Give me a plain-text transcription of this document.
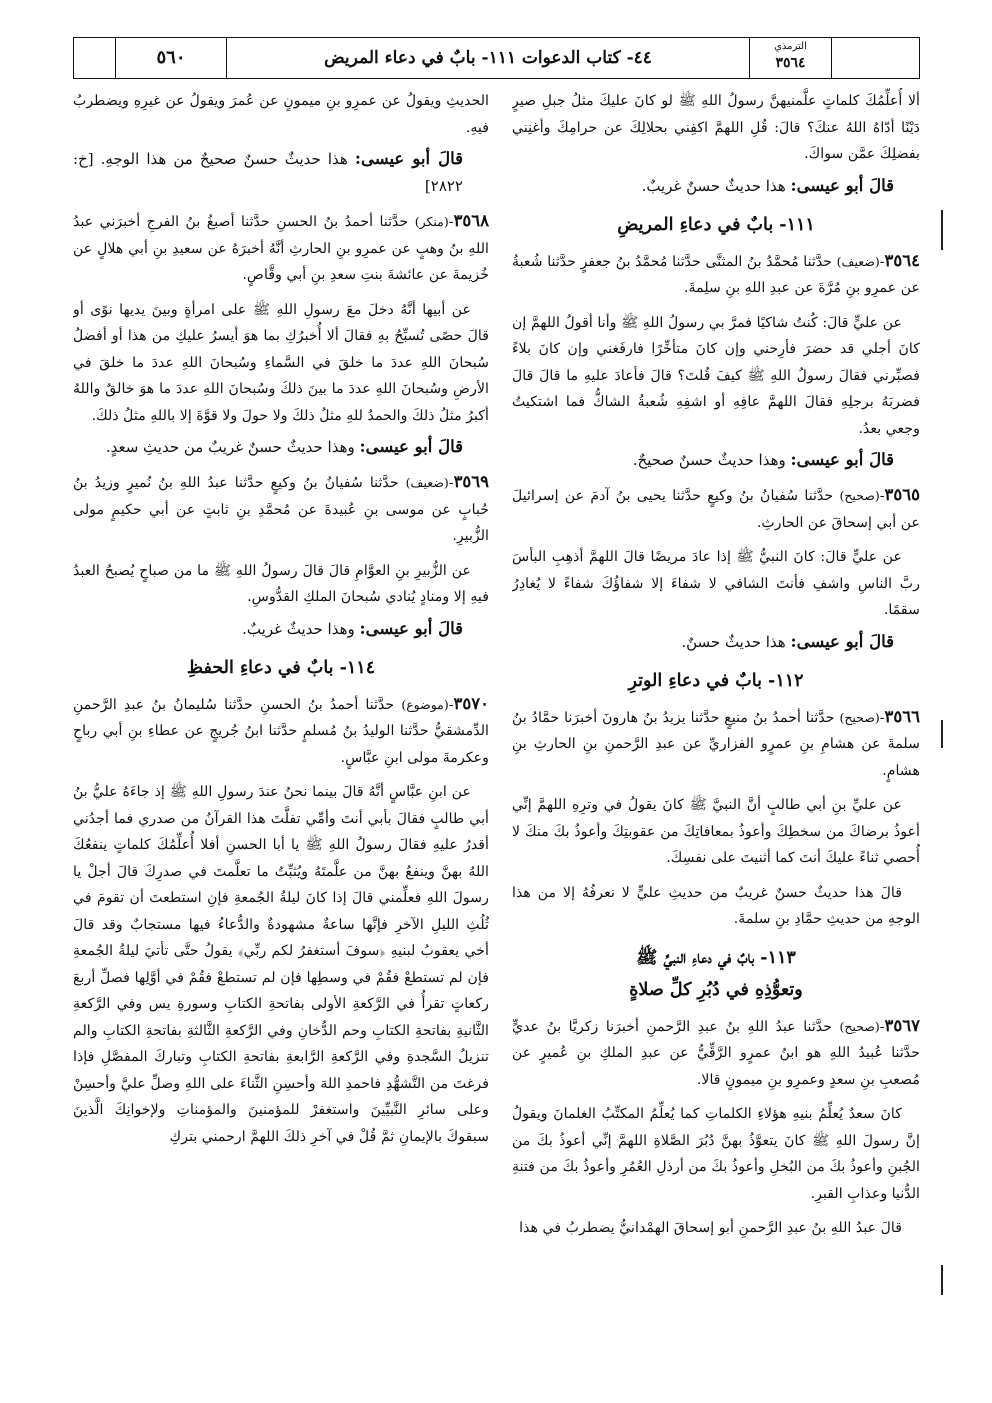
الترمذي
٣٥٦٤
٤٤- كتاب الدعوات ١١١- بابٌ في دعاء المريض
٥٦٠

ألا أُعلِّمُكَ كلماتٍ علَّمنيهنَّ رسولُ اللهِ ﷺ لو كانَ عليكَ مثلُ جبلِ صيرٍ دَيْنًا أدّاهُ اللهُ عنكَ؟ قالَ: قُلِ اللهمَّ اكفِني بحلالِكَ عن حرامِكَ وأغنِني بفضلِكَ عمَّن سواكَ.

قالَ أبو عيسى: هذا حديثٌ حسنٌ غريبٌ.

١١١- بابٌ في دعاءِ المريضِ

٣٥٦٤-(ضعيف) حدَّثنا مُحمَّدُ بنُ المثنَّى حدَّثنا مُحمَّدُ بنُ جعفرٍ حدَّثنا شُعبةُ عن عمرِو بنِ مُرَّةَ عن عبدِ اللهِ بنِ سلِمةَ.

عن عليٍّ قالَ: كُنتُ شاكيًا فمرَّ بي رسولُ اللهِ ﷺ وأنا أقولُ اللهمَّ إن كانَ أجلي قد حضرَ فأرِحني وإن كانَ متأخِّرًا فارفَغني وإن كانَ بلاءً فصبِّرني فقالَ رسولُ اللهِ ﷺ كيفَ قُلتَ؟ قالَ فأعادَ عليهِ ما قالَ قالَ فضربَهُ برجلِهِ فقالَ اللهمَّ عافِهِ أو اشفِهِ شُعبةُ الشاكُّ فما اشتكيتُ وجعي بعدُ.

قالَ أبو عيسى: وهذا حديثٌ حسنٌ صحيحٌ.

٣٥٦٥-(صحيح) حدَّثنا سُفيانُ بنُ وكيعٍ حدَّثنا يحيى بنُ آدمَ عن إسرائيلَ عن أبي إسحاقَ عن الحارثِ.

عن عليٍّ قالَ: كانَ النبيُّ ﷺ إذا عادَ مريضًا قالَ اللهمَّ أذهِبِ البأسَ ربَّ الناسِ واشفِ فأنتَ الشافي لا شفاءَ إلا شفاؤُكَ شفاءً لا يُغادِرُ سقمًا.

قالَ أبو عيسى: هذا حديثٌ حسنٌ.

١١٢- بابٌ في دعاءِ الوترِ

٣٥٦٦-(صحيح) حدَّثنا أحمدُ بنُ منيعٍ حدَّثنا يزيدُ بنُ هارونَ أخبرَنا حمَّادُ بنُ سلمةَ عن هشامِ بنِ عمرٍو الفزاريِّ عن عبدِ الرَّحمنِ بنِ الحارثِ بنِ هشامٍ.

عن عليِّ بنِ أبي طالبٍ أنَّ النبيَّ ﷺ كانَ يقولُ في وترِهِ اللهمَّ إنِّي أعوذُ برضاكَ من سخطِكَ وأعوذُ بمعافاتِكَ من عقوبتِكَ وأعوذُ بكَ منكَ لا أُحصي ثناءً عليكَ أنتَ كما أثنيتَ على نفسِكَ.

قالَ هذا حديثٌ حسنٌ غريبٌ من حديثِ عليٍّ لا نعرفُهُ إلا من هذا الوجهِ من حديثِ حمَّادِ بنِ سلمةَ.

١١٣- بابٌ في دعاءِ النبيِّ ﷺ
وتعوُّذِهِ في دُبُرِ كلِّ صلاةٍ

٣٥٦٧-(صحيح) حدَّثنا عبدُ اللهِ بنُ عبدِ الرَّحمنِ أخبرَنا زكريَّا بنُ عديٍّ حدَّثنا عُبيدُ اللهِ هو ابنُ عمرٍو الرَّقِّيُّ عن عبدِ الملكِ بنِ عُميرٍ عن مُصعبِ بنِ سعدٍ وعمرِو بنِ ميمونٍ قالا.

كانَ سعدٌ يُعلِّمُ بنيهِ هؤلاءِ الكلماتِ كما يُعلِّمُ المكتِّبُ الغلمانَ ويقولُ إنَّ رسولَ اللهِ ﷺ كانَ يتعوَّذُ بهنَّ دُبُرَ الصَّلاةِ اللهمَّ إنِّي أعوذُ بكَ من الجُبنِ وأعوذُ بكَ من البُخلِ وأعوذُ بكَ من أرذلِ العُمُرِ وأعوذُ بكَ من فتنةِ الدُّنيا وعذابِ القبرِ.

قالَ عبدُ اللهِ بنُ عبدِ الرَّحمنِ أبو إسحاقَ الهمْدانيُّ يضطربُ في هذا

الحديثِ ويقولُ عن عمرِو بنِ ميمونٍ عن عُمرَ ويقولُ عن غيرِهِ ويضطربُ فيهِ.

قالَ أبو عيسى: هذا حديثٌ حسنٌ صحيحٌ من هذا الوجهِ. [خ: ٢٨٢٢]

٣٥٦٨-(منكر) حدَّثنا أحمدُ بنُ الحسنِ حدَّثنا أصبغُ بنُ الفرجِ أخبرَني عبدُ اللهِ بنُ وهبٍ عن عمرِو بنِ الحارثِ أنَّهُ أخبرَهُ عن سعيدِ بنِ أبي هلالٍ عن خُزيمةَ عن عائشةَ بنتِ سعدِ بنِ أبي وقَّاصٍ.

عن أبيها أنَّهُ دخلَ معَ رسولِ اللهِ ﷺ على امرأةٍ وبينَ يديها نوًى أو قالَ حصًى تُسبِّحُ بهِ فقالَ ألا أُخبرُكِ بما هوَ أيسرُ عليكِ من هذا أو أفضلُ سُبحانَ اللهِ عددَ ما خلقَ في السَّماءِ وسُبحانَ اللهِ عددَ ما خلقَ في الأرضِ وسُبحانَ اللهِ عددَ ما بينَ ذلكَ وسُبحانَ اللهِ عددَ ما هوَ خالقٌ واللهُ أكبرُ مثلُ ذلكَ والحمدُ للهِ مثلُ ذلكَ ولا حولَ ولا قوَّةَ إلا باللهِ مثلُ ذلكَ.

قالَ أبو عيسى: وهذا حديثٌ حسنٌ غريبٌ من حديثِ سعدٍ.

٣٥٦٩-(ضعيف) حدَّثنا سُفيانُ بنُ وكيعٍ حدَّثنا عبدُ اللهِ بنُ نُميرٍ وزيدُ بنُ حُبابٍ عن موسى بنِ عُبيدةَ عن مُحمَّدِ بنِ ثابتٍ عن أبي حكيمٍ مولى الزُّبيرِ.

عن الزُّبيرِ بنِ العوَّامِ قالَ قالَ رسولُ اللهِ ﷺ ما من صباحٍ يُصبحُ العبدُ فيهِ إلا ومنادٍ يُنادي سُبحانَ الملكِ القدُّوسِ.

قالَ أبو عيسى: وهذا حديثٌ غريبٌ.

١١٤- بابٌ في دعاءِ الحفظِ

٣٥٧٠-(موضوع) حدَّثنا أحمدُ بنُ الحسنِ حدَّثنا سُليمانُ بنُ عبدِ الرَّحمنِ الدِّمشقيُّ حدَّثنا الوليدُ بنُ مُسلمٍ حدَّثنا ابنُ جُريجٍ عن عطاءِ بنِ أبي رباحٍ وعكرمةَ مولى ابنِ عبَّاسٍ.

عن ابنِ عبَّاسٍ أنَّهُ قالَ بينما نحنُ عندَ رسولِ اللهِ ﷺ إذ جاءَهُ عليُّ بنُ أبي طالبٍ فقالَ بأبي أنتَ وأمِّي تفلَّتَ هذا القرآنُ من صدري فما أجدُني أقدرُ عليهِ فقالَ رسولُ اللهِ ﷺ يا أبا الحسنِ أفلا أُعلِّمُكَ كلماتٍ ينفعُكَ اللهُ بهنَّ وينفعُ بهنَّ من علَّمتَهُ ويُثبِّتُ ما تعلَّمتَ في صدرِكَ قالَ أجلْ يا رسولَ اللهِ فعلِّمني قالَ إذا كانَ ليلةُ الجُمعةِ فإنِ استطعتَ أن تقومَ في ثُلُثِ الليلِ الآخرِ فإنَّها ساعةٌ مشهودةٌ والدُّعاءُ فيها مستجابٌ وقد قالَ أخي يعقوبُ لبنيهِ ﴿سوفَ أستغفرُ لكم ربِّي﴾ يقولُ حتَّى تأتيَ ليلةُ الجُمعةِ فإن لم تستطعْ فقُمْ في وسطِها فإن لم تستطعْ فقُمْ في أوَّلِها فصلِّ أربعَ ركعاتٍ تقرأُ في الرَّكعةِ الأولى بفاتحةِ الكتابِ وسورةِ يس وفي الرَّكعةِ الثَّانيةِ بفاتحةِ الكتابِ وحم الدُّخانِ وفي الرَّكعةِ الثَّالثةِ بفاتحةِ الكتابِ والم تنزيلُ السَّجدةِ وفي الرَّكعةِ الرَّابعةِ بفاتحةِ الكتابِ وتباركَ المفصَّلِ فإذا فرغتَ من التَّشهُّدِ فاحمدِ اللهَ وأحسِنِ الثَّناءَ على اللهِ وصلِّ عليَّ وأحسِنْ وعلى سائرِ النَّبيِّينَ واستغفرْ للمؤمنينَ والمؤمناتِ ولإخوانِكَ الَّذينَ سبقوكَ بالإيمانِ ثمَّ قُلْ في آخرِ ذلكَ اللهمَّ ارحمني بتركِ
